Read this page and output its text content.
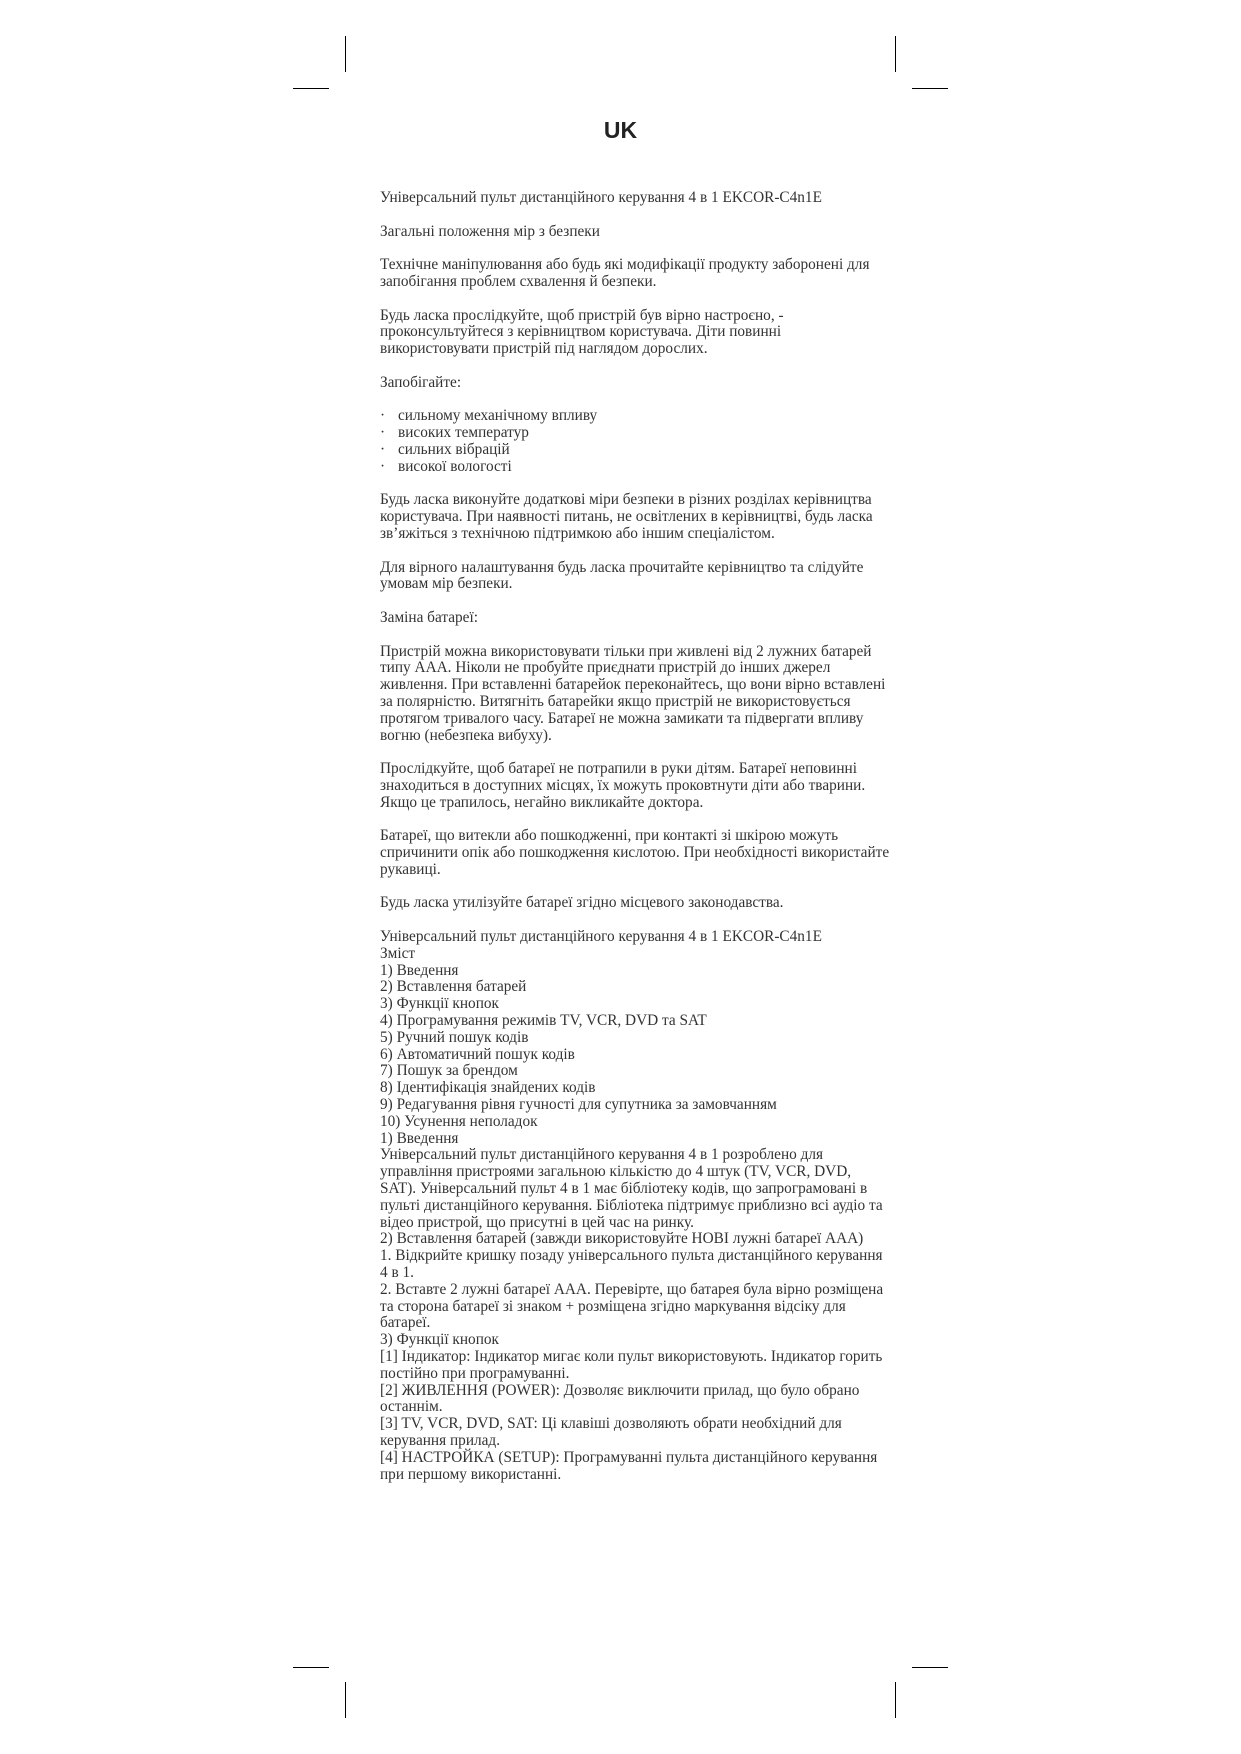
UK

Універсальний пульт дистанційного керування 4 в 1 EKCOR-C4n1E

Загальні положення мір з безпеки

Технічне маніпулювання або будь які модифікації продукту заборонені для запобігання проблем схвалення й безпеки.

Будь ласка прослідкуйте, щоб пристрій був вірно настроєно, - проконсультуйтеся з керівництвом користувача. Діти повинні використовувати пристрій під наглядом дорослих.

Запобігайте:

· сильному механічному впливу
· високих температур
· сильних вібрацій
· високої вологості

Будь ласка виконуйте додаткові міри безпеки в різних розділах керівництва користувача. При наявності питань, не освітлених в керівництві, будь ласка зв’яжіться з технічною підтримкою або іншим спеціалістом.

Для вірного налаштування будь ласка прочитайте керівництво та слідуйте умовам мір безпеки.

Заміна батареї:

Пристрій можна використовувати тільки при живлені від 2 лужних батарей типу ААА. Ніколи не пробуйте приєднати пристрій до інших джерел живлення. При вставленні батарейок переконайтесь, що вони вірно вставлені за полярністю. Витягніть батарейки якщо пристрій не використовується протягом тривалого часу. Батареї не можна замикати та підвергати впливу вогню (небезпека вибуху).

Прослідкуйте, щоб батареї не потрапили в руки дітям. Батареї неповинні знаходиться в доступних місцях, їх можуть проковтнути діти або тварини. Якщо це трапилось, негайно викликайте доктора.

Батареї, що витекли або пошкодженні, при контакті зі шкірою можуть спричинити опік або пошкодження кислотою. При необхідності використайте рукавиці.

Будь ласка утилізуйте батареї згідно місцевого законодавства.

Універсальний пульт дистанційного керування 4 в 1 EKCOR-C4n1E

Зміст

1) Введення

2) Вставлення батарей

3) Функції кнопок

4) Програмування режимів TV, VCR, DVD та SAT

5) Ручний пошук кодів

6) Автоматичний пошук кодів

7) Пошук за брендом

8) Ідентифікація знайдених кодів

9) Редагування рівня гучності для супутника за замовчанням

10) Усунення неполадок

1) Введення

Універсальний пульт дистанційного керування 4 в 1 розроблено для управління пристроями загальною кількістю до 4 штук (TV, VCR, DVD, SAT). Універсальний пульт 4 в 1 має бібліотеку кодів, що запрограмовані в пульті дистанційного керування. Бібліотека підтримує приблизно всі аудіо та відео пристрой, що присутні в цей час на ринку.

2) Вставлення батарей (завжди використовуйте НОВІ лужні батареї ААА)

1. Відкрийте кришку позаду універсального пульта дистанційного керування 4 в 1.

2. Вставте 2 лужні батареї ААА. Перевірте, що батарея була вірно розміщена та сторона батареї зі знаком + розміщена згідно маркування відсіку для батареї.

3) Функції кнопок

[1] Індикатор: Індикатор мигає коли пульт використовують. Індикатор горить постійно при програмуванні.

[2] ЖИВЛЕННЯ (POWER): Дозволяє виключити прилад, що було обрано останнім.

[3] TV, VCR, DVD, SAT: Ці клавіші дозволяють обрати необхідний для керування прилад.

[4] НАСТРОЙКА (SETUP): Програмуванні пульта дистанційного керування при першому використанні.
